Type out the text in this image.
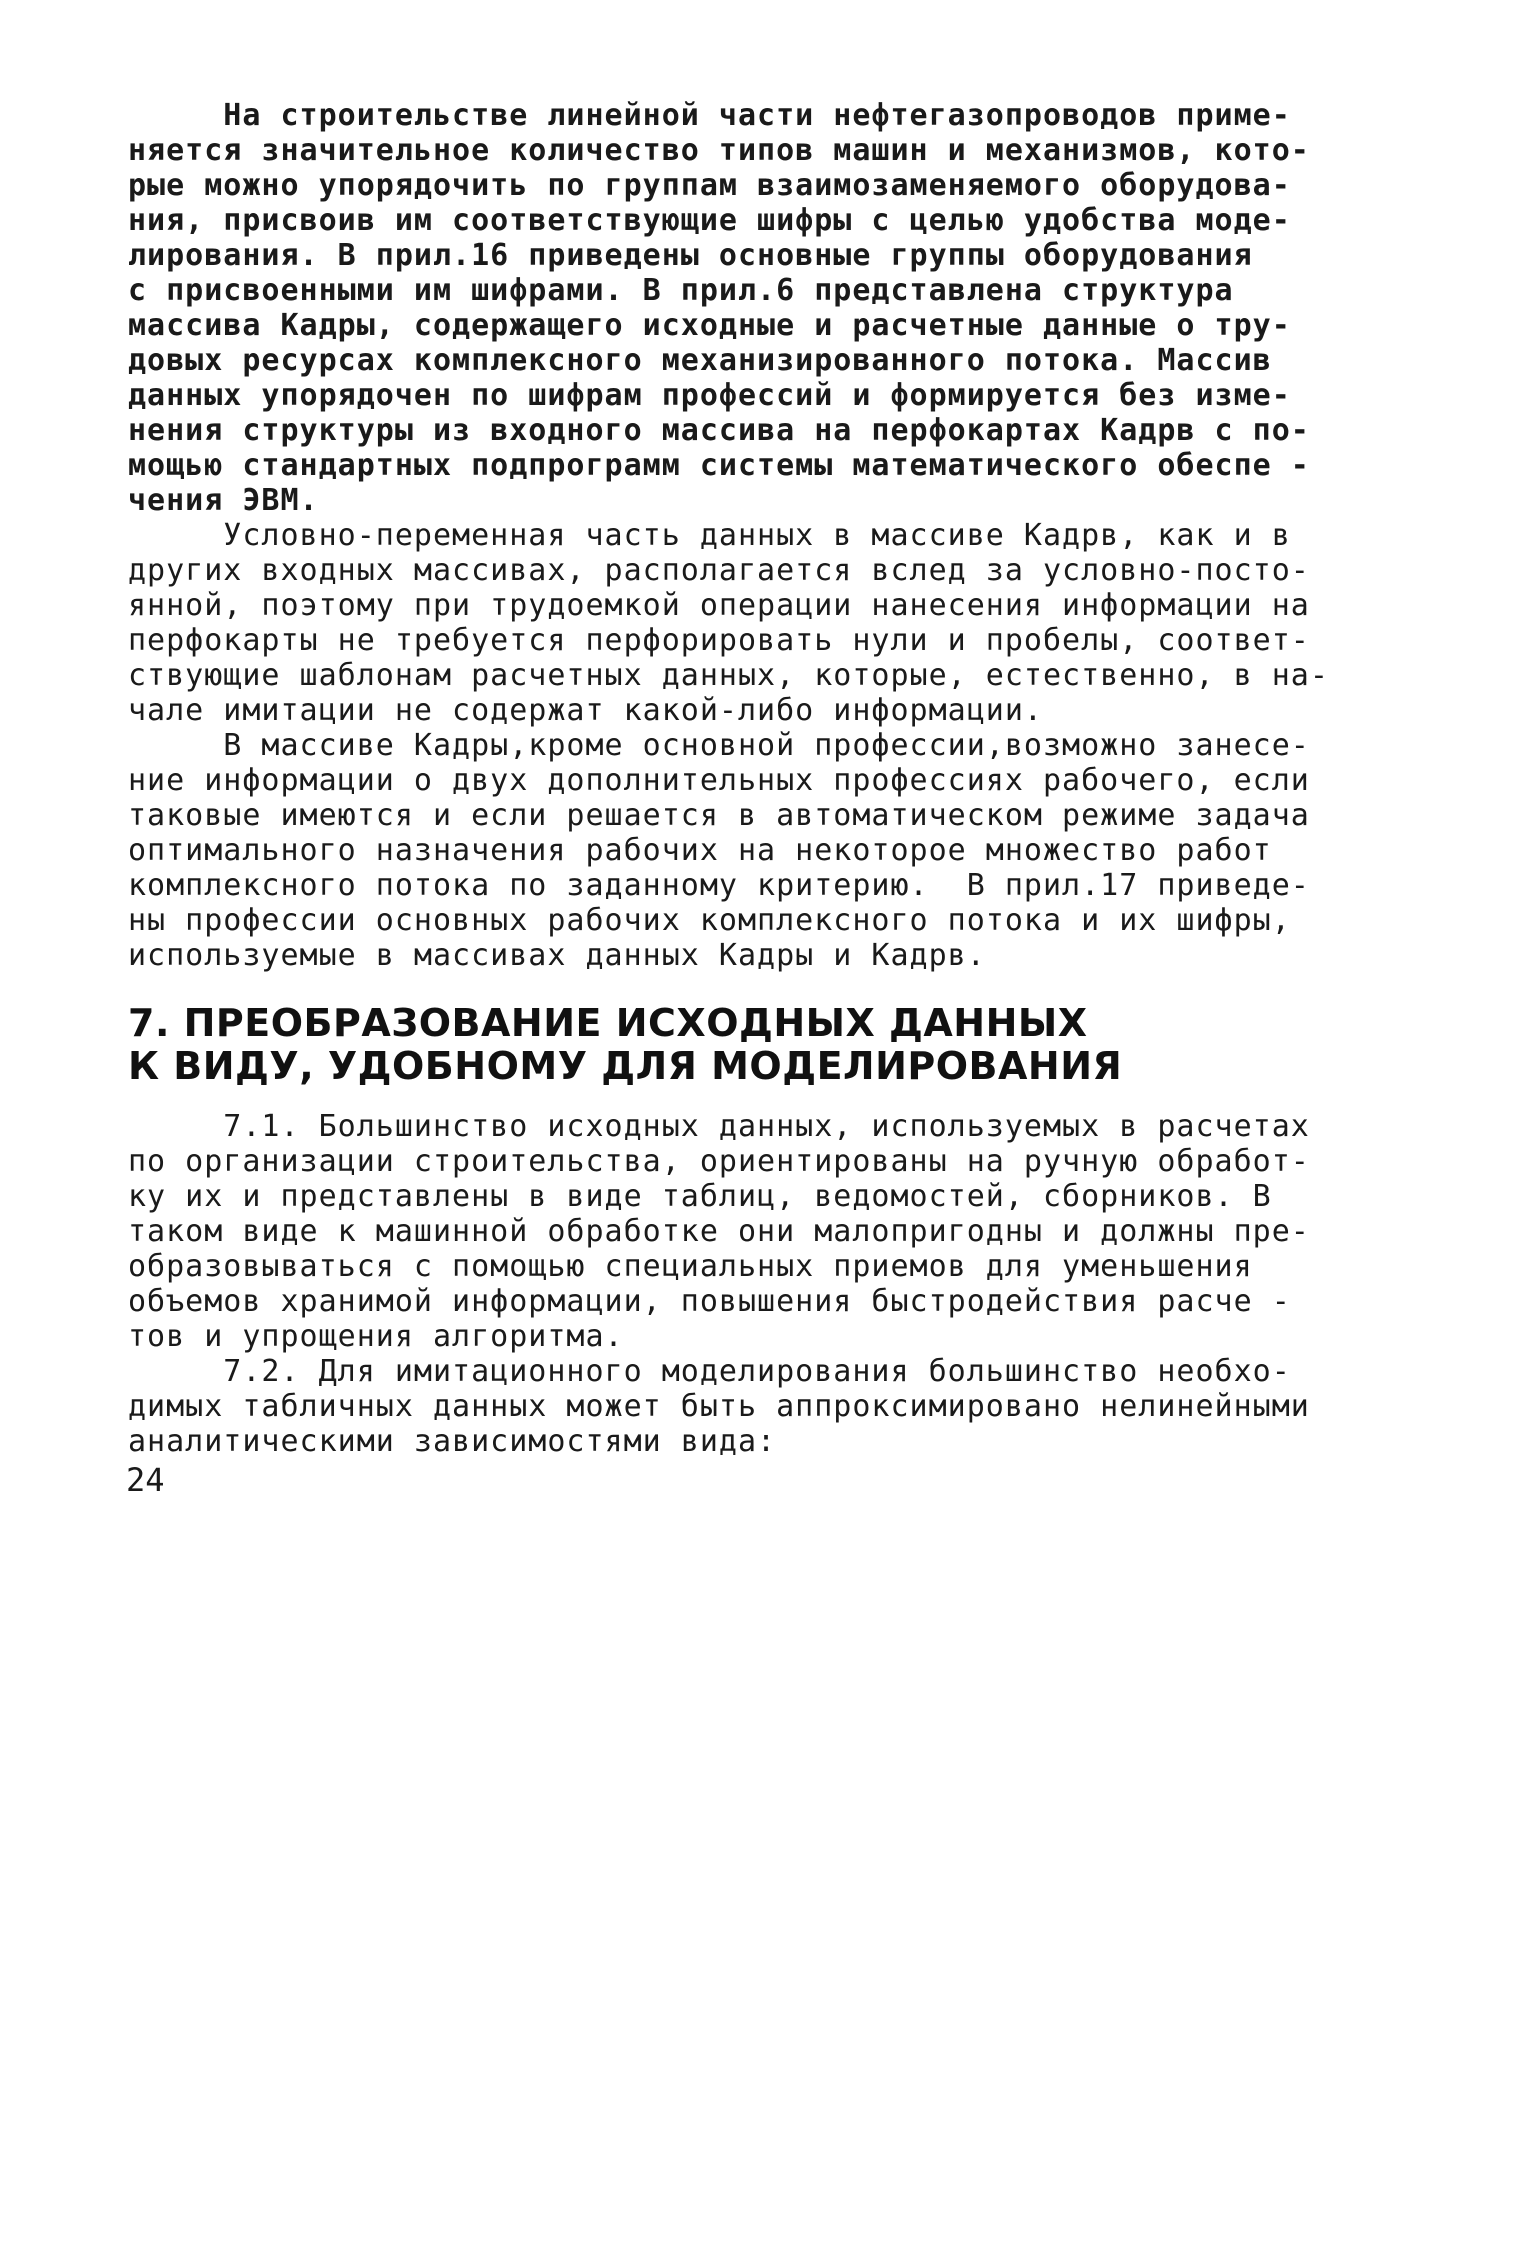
На строительстве линейной части нефтегазопроводов приме-
няется значительное количество типов машин и механизмов, кото-
рые можно упорядочить по группам взаимозаменяемого оборудова-
ния, присвоив им соответствующие шифры с целью удобства моде-
лирования. В прил.16 приведены основные группы оборудования
с присвоенными им шифрами. В прил.6 представлена структура
массива Кадры, содержащего исходные и расчетные данные о тру-
довых ресурсах комплексного механизированного потока. Массив
данных упорядочен по шифрам профессий и формируется без изме-
нения структуры из входного массива на перфокартах Кадрв с по-
мощью стандартных подпрограмм системы математического обеспе -
чения ЭВМ.
Условно-переменная часть данных в массиве Кадрв, как и в
других входных массивах, располагается вслед за условно-посто-
янной, поэтому при трудоемкой операции нанесения информации на
перфокарты не требуется перфорировать нули и пробелы, соответ-
ствующие шаблонам расчетных данных, которые, естественно, в на-
чале имитации не содержат какой-либо информации.
В массиве Кадры,кроме основной профессии,возможно занесе-
ние информации о двух дополнительных профессиях рабочего, если
таковые имеются и если решается в автоматическом режиме задача
оптимального назначения рабочих на некоторое множество работ
комплексного потока по заданному критерию.  В прил.17 приведе-
ны профессии основных рабочих комплексного потока и их шифры,
используемые в массивах данных Кадры и Кадрв.
7. ПРЕОБРАЗОВАНИЕ ИСХОДНЫХ ДАННЫХ
К ВИДУ, УДОБНОМУ ДЛЯ МОДЕЛИРОВАНИЯ
7.1. Большинство исходных данных, используемых в расчетах
по организации строительства, ориентированы на ручную обработ-
ку их и представлены в виде таблиц, ведомостей, сборников. В
таком виде к машинной обработке они малопригодны и должны пре-
образовываться с помощью специальных приемов для уменьшения
объемов хранимой информации, повышения быстродействия расче -
тов и упрощения алгоритма.
7.2. Для имитационного моделирования большинство необхо-
димых табличных данных может быть аппроксимировано нелинейными
аналитическими зависимостями вида:
24
